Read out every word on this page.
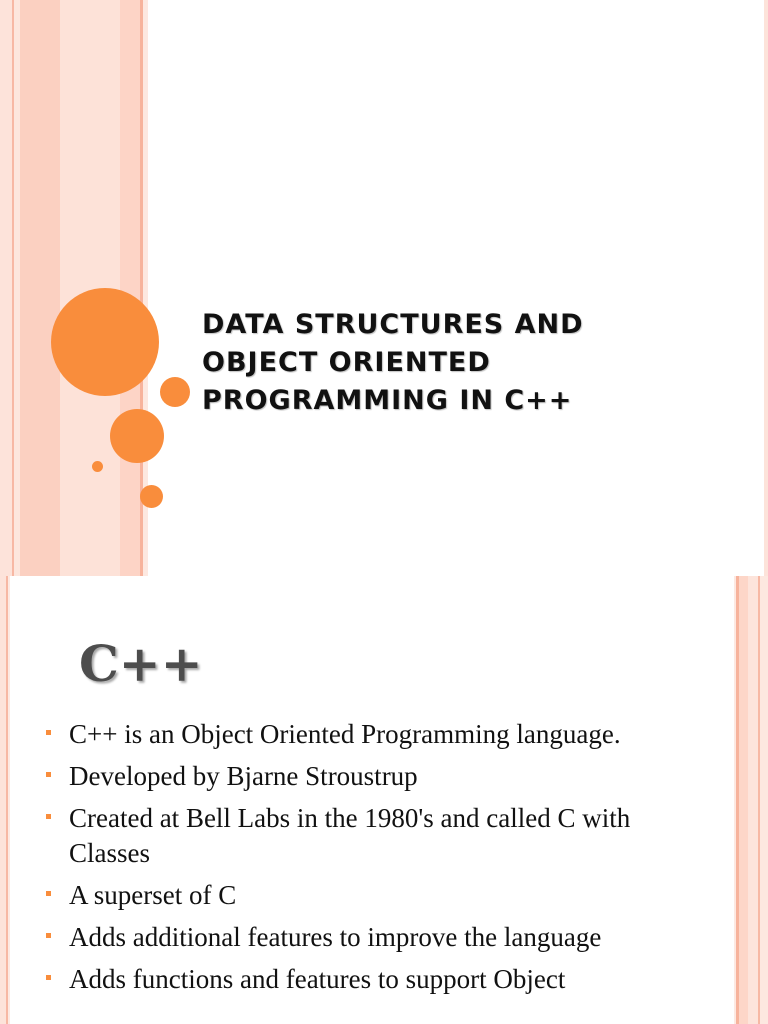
DATA STRUCTURES AND
OBJECT ORIENTED
PROGRAMMING IN C++
C++
C++ is an Object Oriented Programming language.
Developed by Bjarne Stroustrup
Created at Bell Labs in the 1980's and called C with Classes
A superset of C
Adds additional features to improve the language
Adds functions and features to support Object
